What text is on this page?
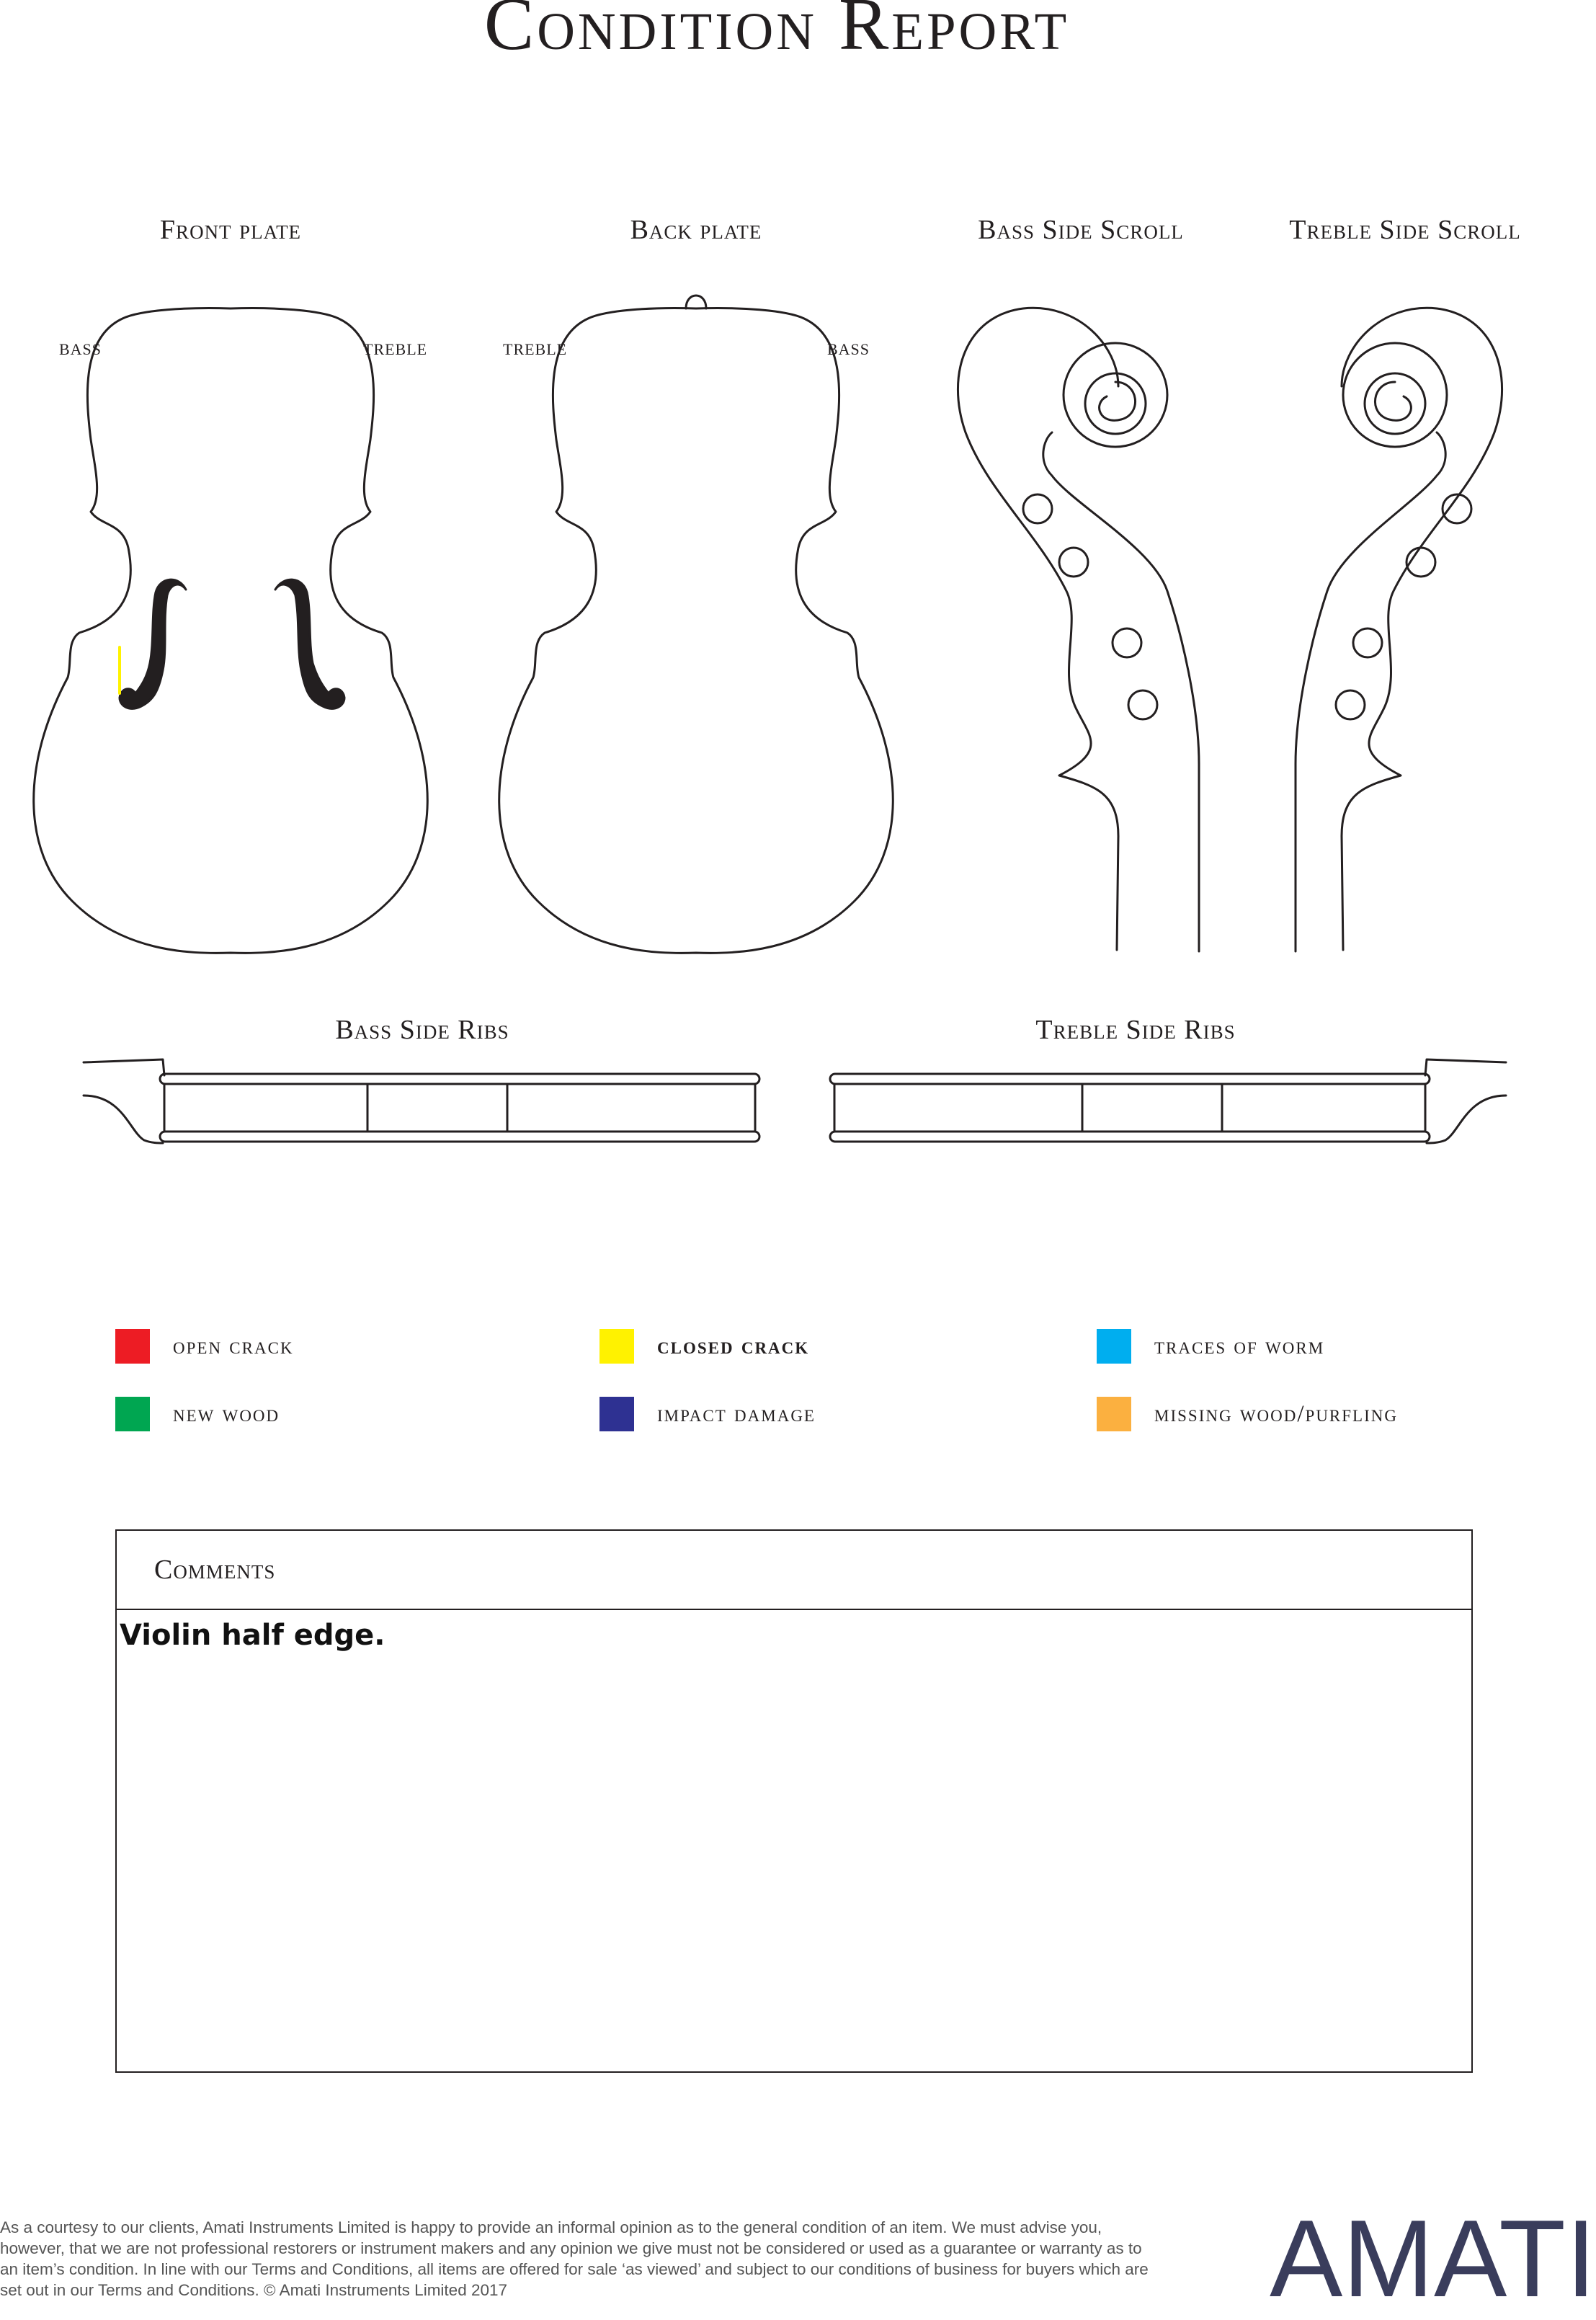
Condition Report
Front plate	Back plate	Bass Side Scroll	Treble Side Scroll
Bass Side Ribs	Treble Side Ribs
BASS	TREBLE	TREBLE	BASS
open crack	closed crack	traces of worm
new wood	impact damage	missing wood/purfling
Comments
Violin half edge.
As a courtesy to our clients, Amati Instruments Limited is happy to provide an informal opinion as to the general condition of an item. We must advise you, however, that we are not professional restorers or instrument makers and any opinion we give must not be considered or used as a guarantee or warranty as to an item’s condition. In line with our Terms and Conditions, all items are offered for sale ‘as viewed’ and subject to our conditions of business for buyers which are set out in our Terms and Conditions. © Amati Instruments Limited 2017	AMATI
